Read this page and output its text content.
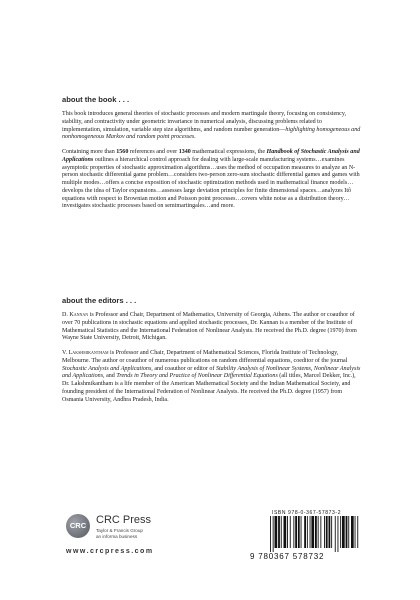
about the book . . .

This book introduces general theories of stochastic processes and modern martingale theory, focusing on consistency, stability, and contractivity under geometric invariance in numerical analysis, discussing problems related to implementation, simulation, variable step size algorithms, and random number generation—highlighting homogeneous and nonhomogeneous Markov and random point processes.

Containing more than 1560 references and over 1340 mathematical expressions, the Handbook of Stochastic Analysis and Applications outlines a hierarchical control approach for dealing with large-scale manufacturing systems…examines asymptotic properties of stochastic approximation algorithms…uses the method of occupation measures to analyze an N-person stochastic differential game problem…considers two-person zero-sum stochastic differential games and games with multiple modes…offers a concise exposition of stochastic optimization methods used in mathematical finance models…develops the idea of Taylor expansions…assesses large deviation principles for finite dimensional spaces…analyzes Itô equations with respect to Brownian motion and Poisson point processes…covers white noise as a distribution theory…investigates stochastic processes based on semimartingales…and more.

about the editors . . .

D. Kannan is Professor and Chair, Department of Mathematics, University of Georgia, Athens. The author or coauthor of over 70 publications in stochastic equations and applied stochastic processes, Dr. Kannan is a member of the Institute of Mathematical Statistics and the International Federation of Nonlinear Analysts. He received the Ph.D. degree (1970) from Wayne State University, Detroit, Michigan.

V. Lakshmikantham is Professor and Chair, Department of Mathematical Sciences, Florida Institute of Technology, Melbourne. The author or coauthor of numerous publications on random differential equations, coeditor of the journal Stochastic Analysis and Applications, and coauthor or editor of Stability Analysis of Nonlinear Systems, Nonlinear Analysis and Applications, and Trends in Theory and Practice of Nonlinear Differential Equations (all titles, Marcel Dekker, Inc.), Dr. Lakshmikantham is a life member of the American Mathematical Society and the Indian Mathematical Society, and founding president of the International Federation of Nonlinear Analysts. He received the Ph.D. degree (1957) from Osmania University, Andhra Pradesh, India.

CRC CRC Press

Taylor & Francis Group
an informa business

www.crcpress.com

ISBN 978-0-367-57873-2

9 780367 578732
